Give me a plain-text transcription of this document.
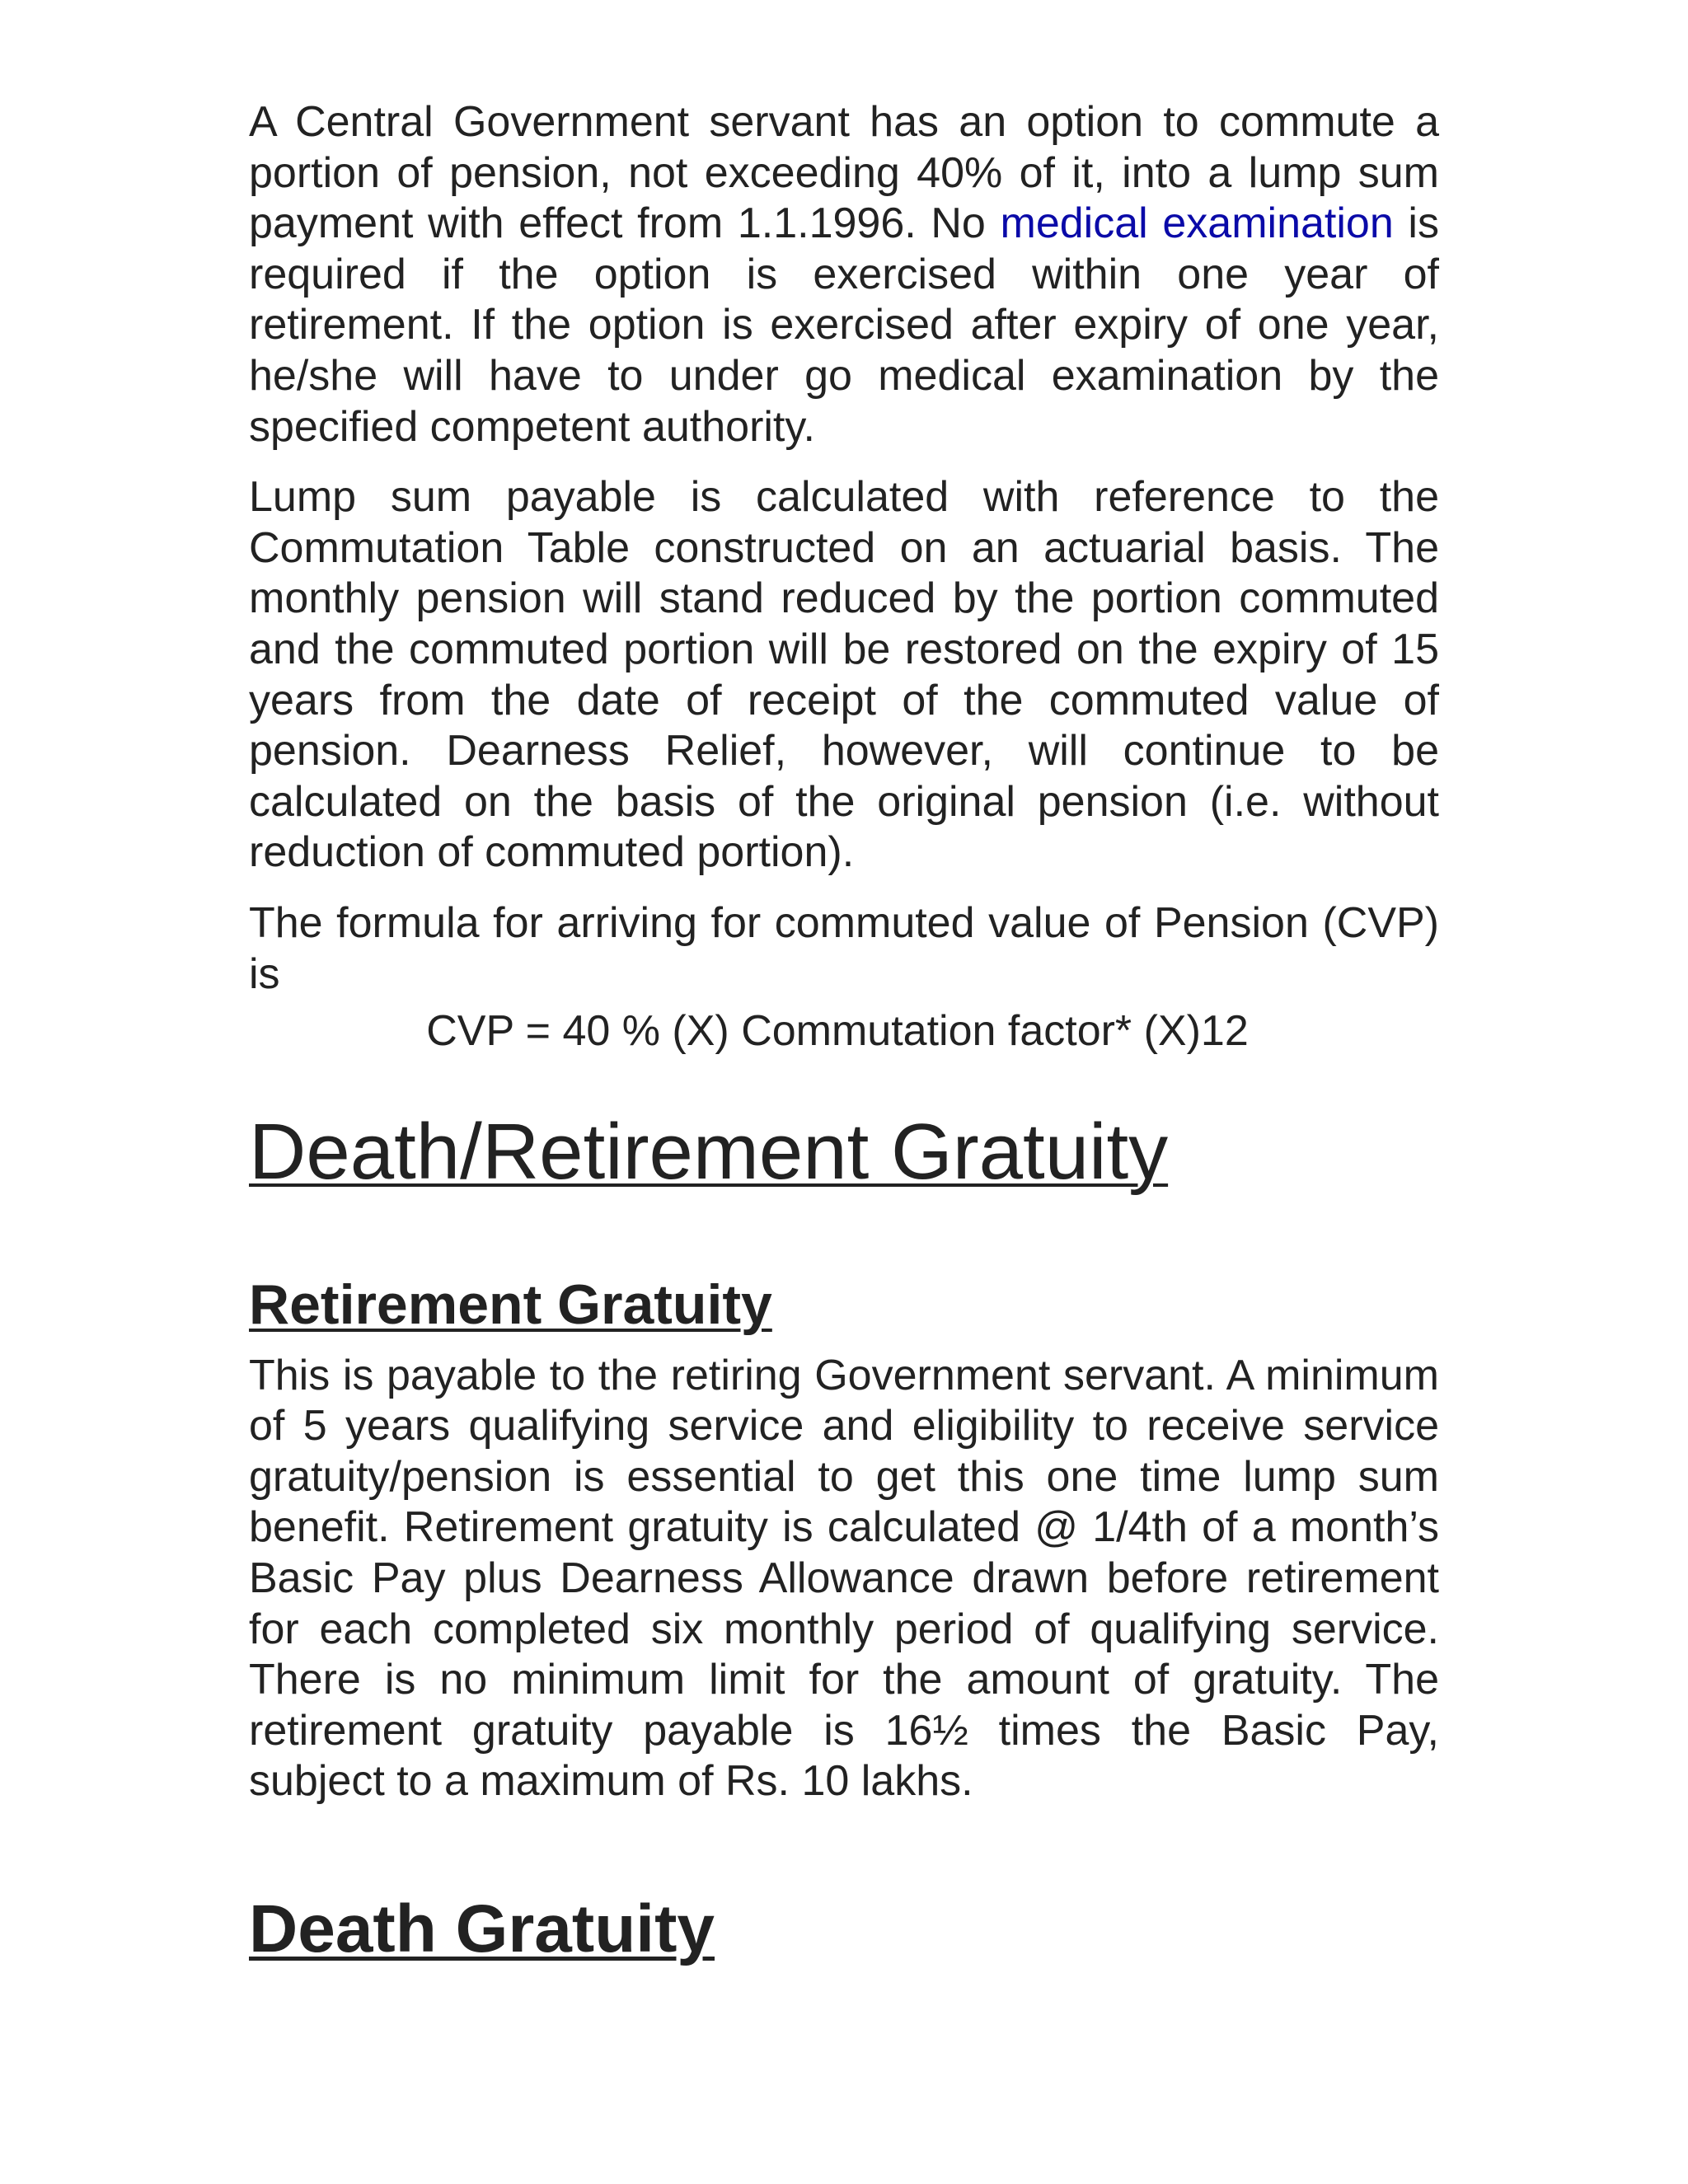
A Central Government servant has an option to commute a portion of pension, not exceeding 40% of it, into a lump sum payment with effect from 1.1.1996. No medical examination is required if the option is exercised within one year of retirement. If the option is exercised after expiry of one year, he/she will have to under go medical examination by the specified competent authority.

Lump sum payable is calculated with reference to the Commutation Table constructed on an actuarial basis. The monthly pension will stand reduced by the portion commuted and the commuted portion will be restored on the expiry of 15 years from the date of receipt of the commuted value of pension. Dearness Relief, however, will continue to be calculated on the basis of the original pension (i.e. without reduction of commuted portion).

The formula for arriving for commuted value of Pension (CVP) is

CVP = 40 % (X) Commutation factor* (X)12

Death/Retirement Gratuity
Retirement Gratuity

This is payable to the retiring Government servant. A minimum of 5 years qualifying service and eligibility to receive service gratuity/pension is essential to get this one time lump sum benefit. Retirement gratuity is calculated @ 1/4th of a month’s Basic Pay plus Dearness Allowance drawn before retirement for each completed six monthly period of qualifying service. There is no minimum limit for the amount of gratuity. The retirement gratuity payable is 16½ times the Basic Pay, subject to a maximum of Rs. 10 lakhs.

Death Gratuity
